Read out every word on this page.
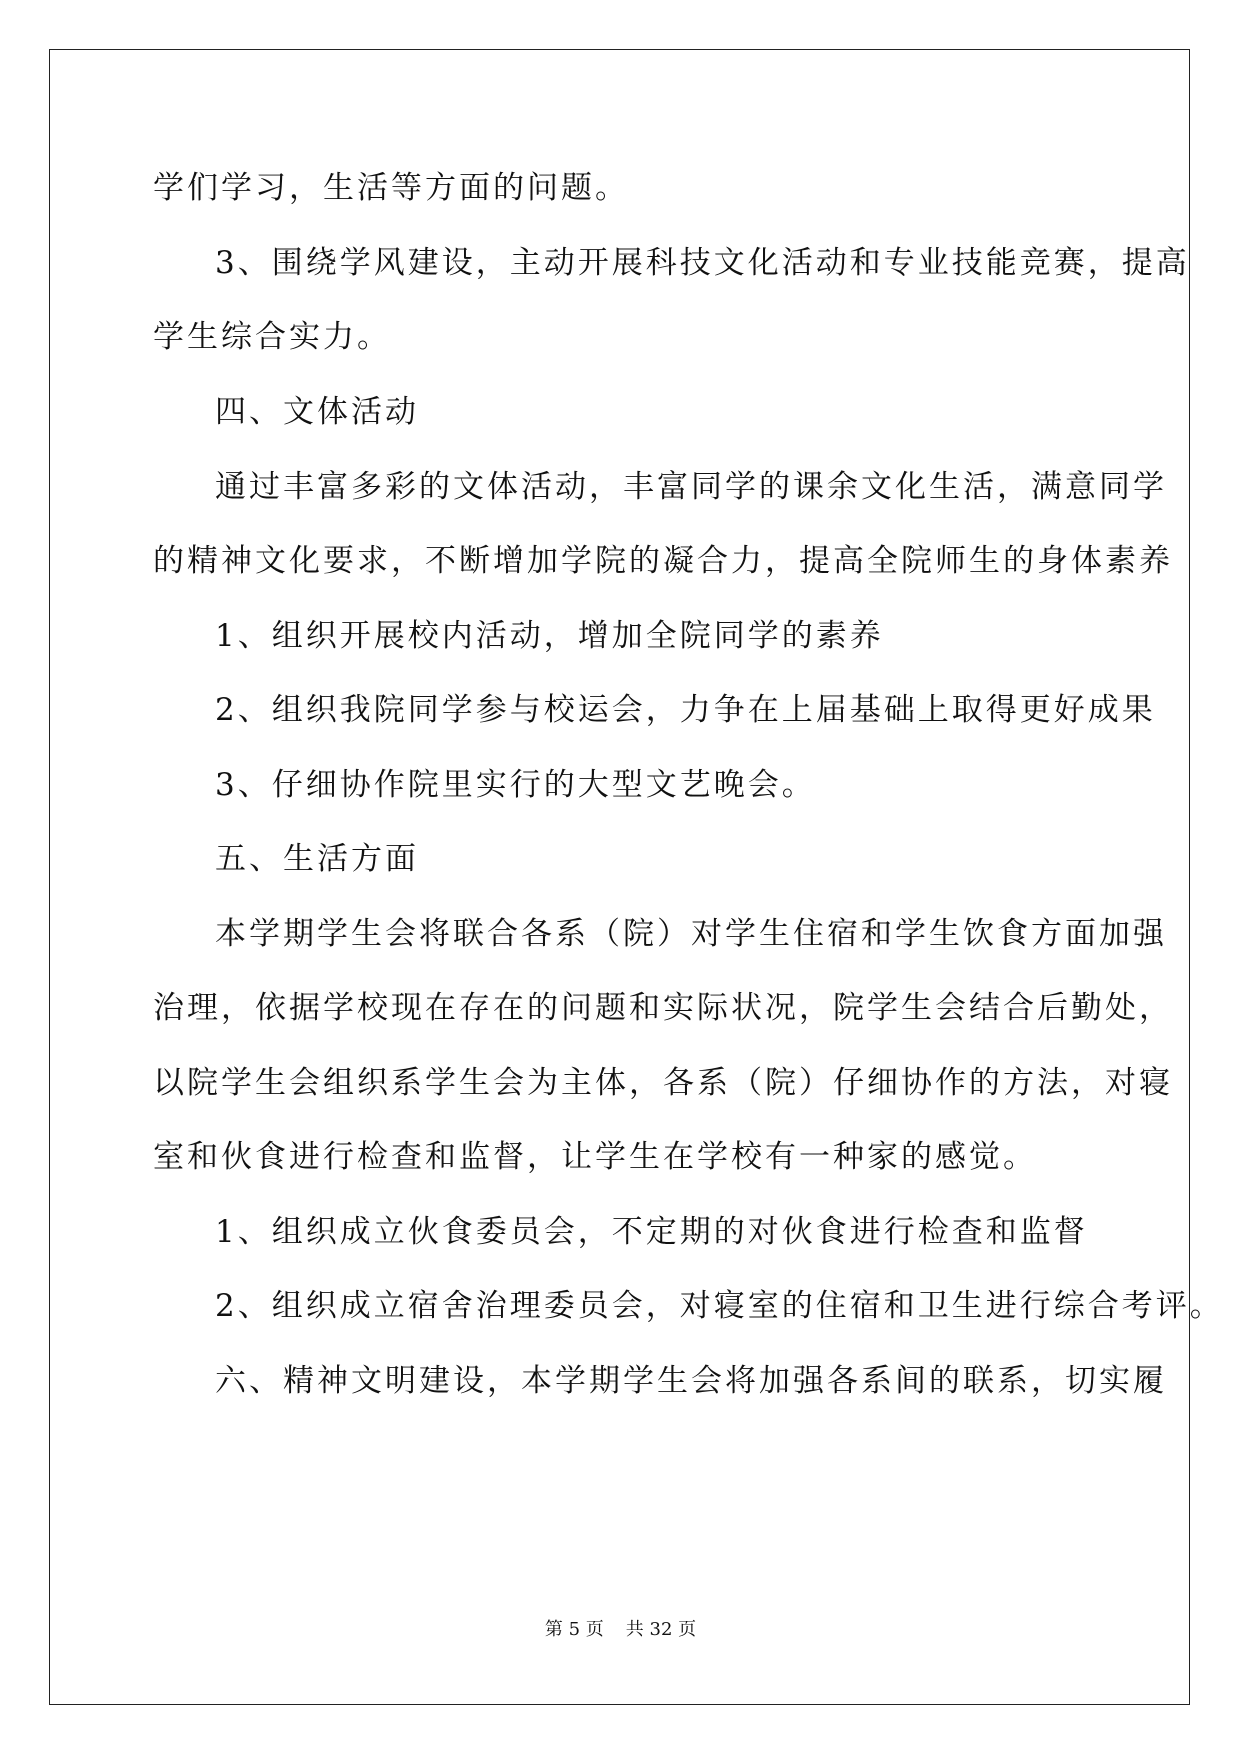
学们学习，生活等方面的问题。
3、围绕学风建设，主动开展科技文化活动和专业技能竞赛，提高
学生综合实力。
四、文体活动
通过丰富多彩的文体活动，丰富同学的课余文化生活，满意同学
的精神文化要求，不断增加学院的凝合力，提高全院师生的身体素养
1、组织开展校内活动，增加全院同学的素养
2、组织我院同学参与校运会，力争在上届基础上取得更好成果
3、仔细协作院里实行的大型文艺晚会。
五、生活方面
本学期学生会将联合各系（院）对学生住宿和学生饮食方面加强
治理，依据学校现在存在的问题和实际状况，院学生会结合后勤处，
以院学生会组织系学生会为主体，各系（院）仔细协作的方法，对寝
室和伙食进行检查和监督，让学生在学校有一种家的感觉。
1、组织成立伙食委员会，不定期的对伙食进行检查和监督
2、组织成立宿舍治理委员会，对寝室的住宿和卫生进行综合考评。
六、精神文明建设，本学期学生会将加强各系间的联系，切实履
第 5 页 共 32 页
